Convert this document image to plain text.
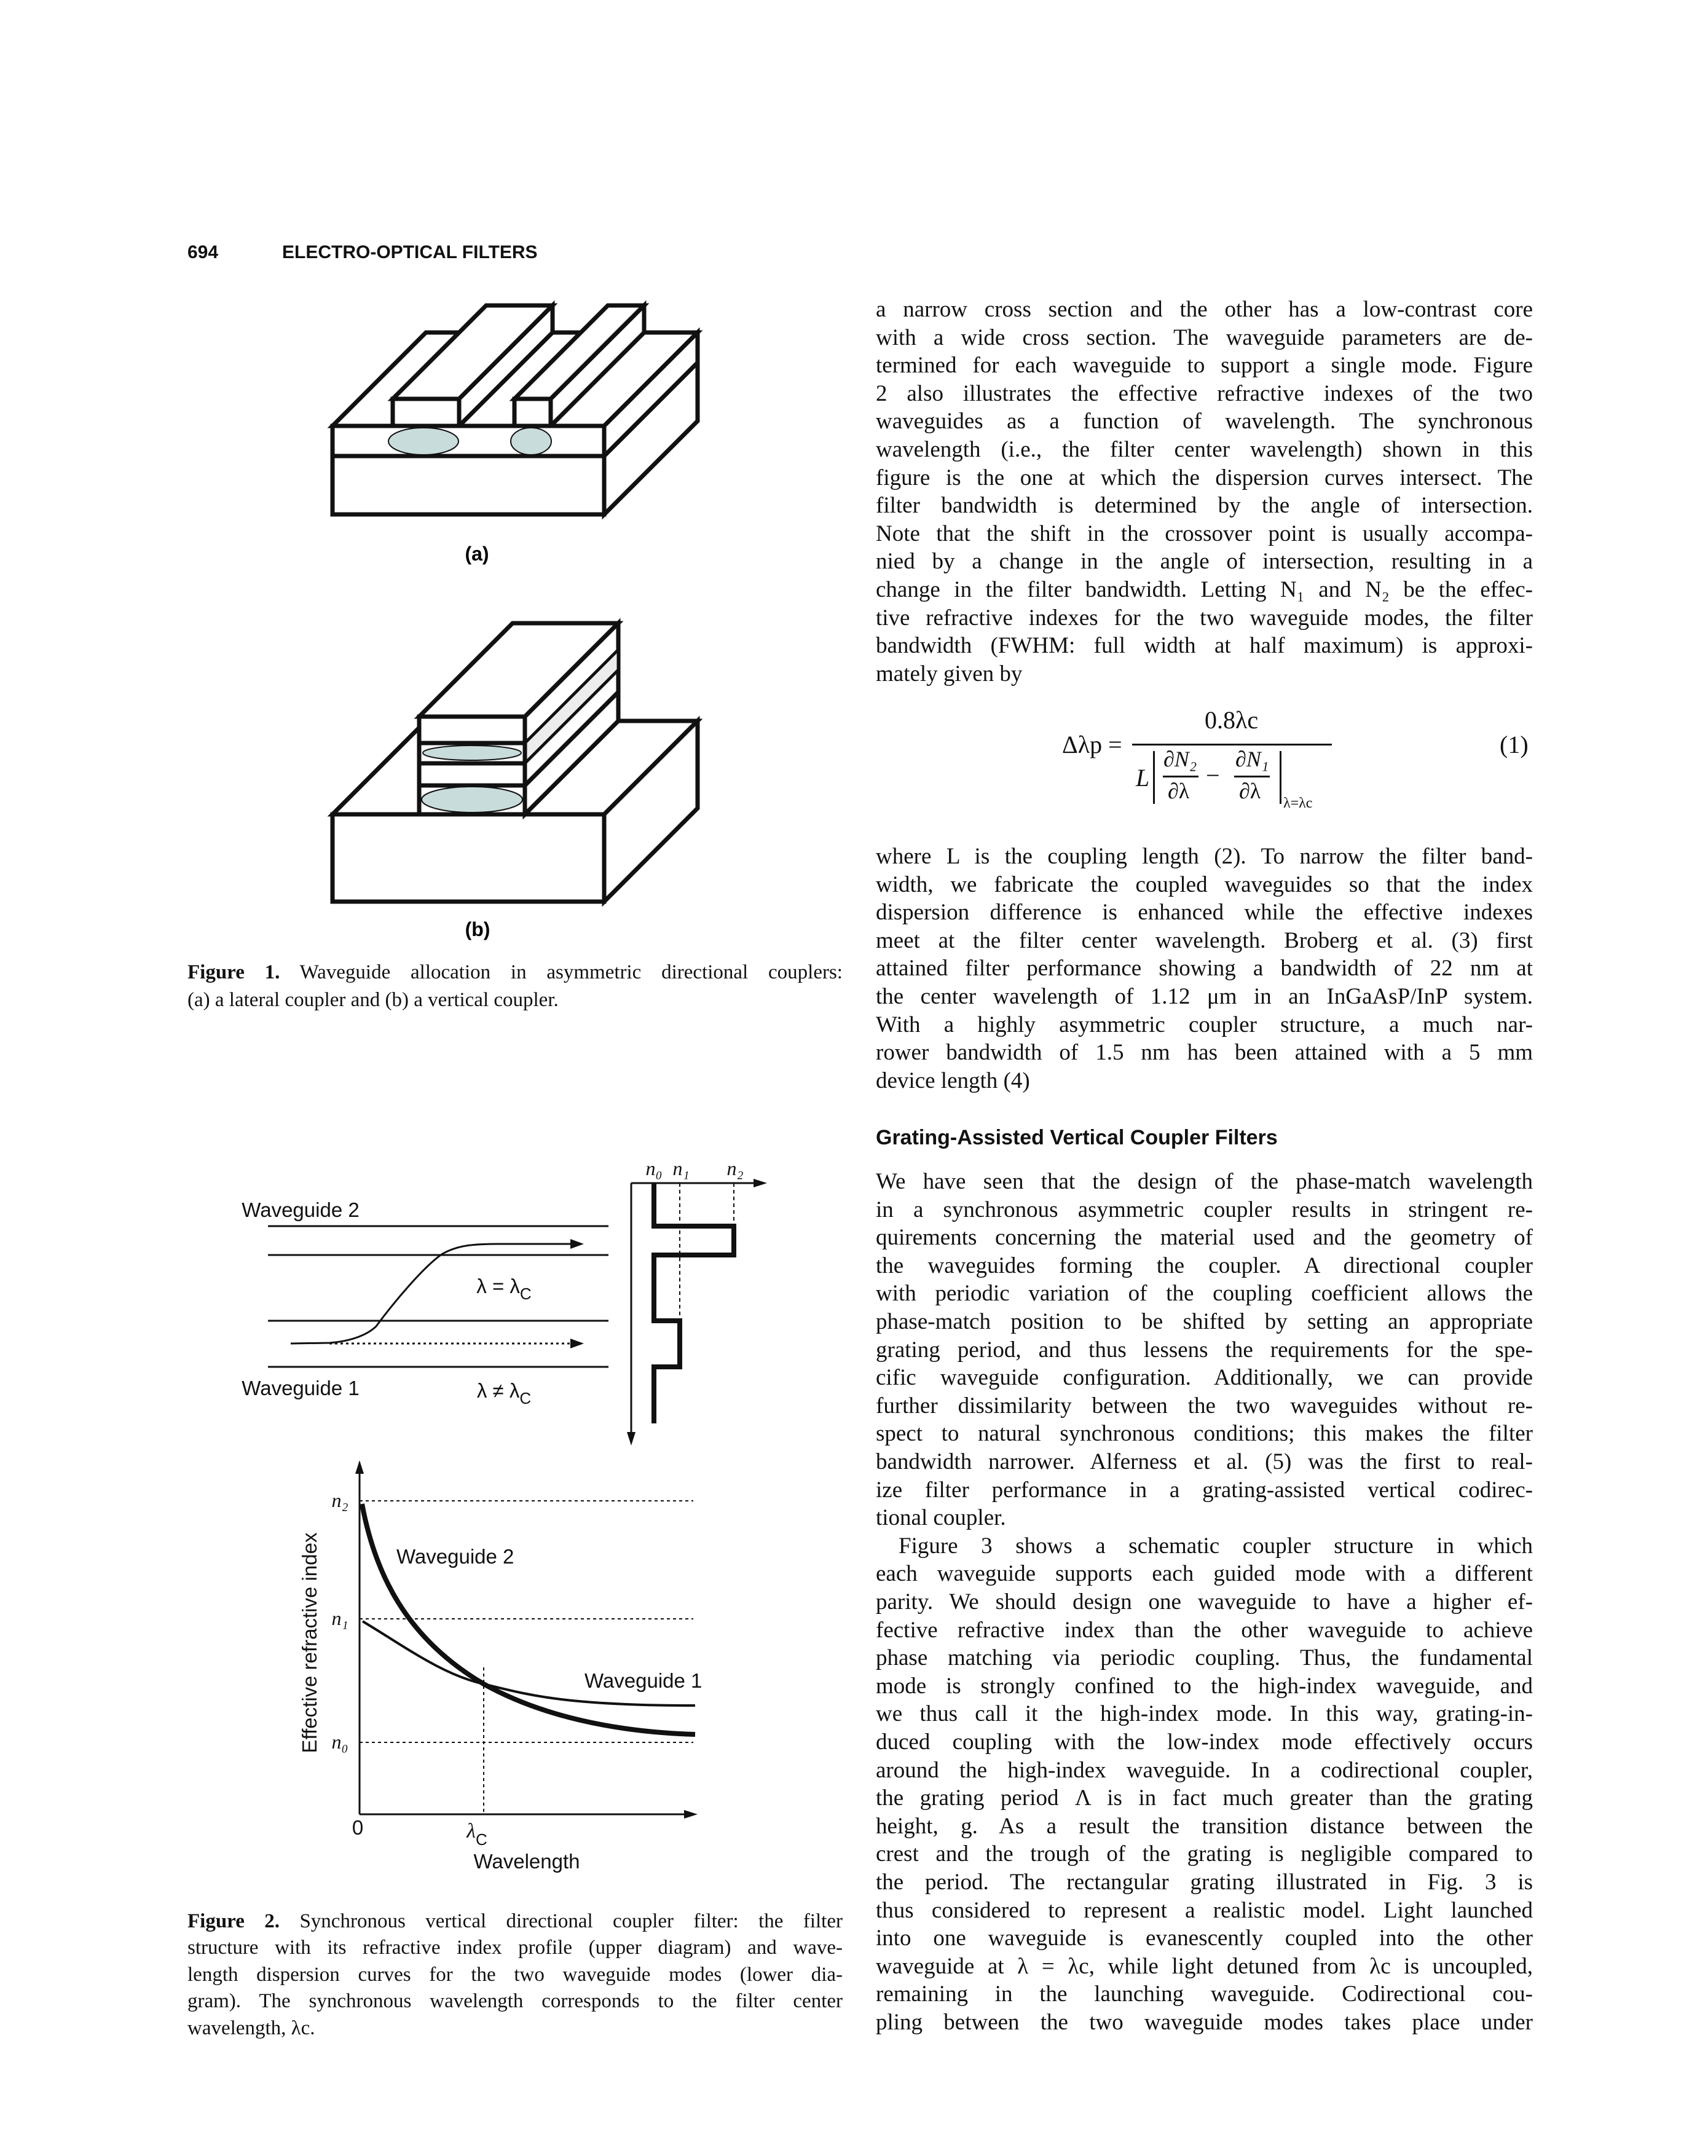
694	ELECTRO-OPTICAL FILTERS
(a)
(b)
Waveguide 2
Waveguide 1
$\lambda = \lambda_C$
$\lambda \ne \lambda_C$
n₀ n₁ n₂
Effective refractive index
Wavelength
0	$\lambda_C$
n₂
n₁
n₀
Waveguide 2
Waveguide 1
Figure 1. Waveguide allocation in asymmetric directional couplers:
(a) a lateral coupler and (b) a vertical coupler.
Figure 2. Synchronous vertical directional coupler filter: the filter
structure with its refractive index profile (upper diagram) and wave-
length dispersion curves for the two waveguide modes (lower dia-
gram). The synchronous wavelength corresponds to the filter center
wavelength, λc.
Δλp =
0.8λc
L
∂N₂
∂λ
−
∂N₁
∂λ λ=λc
(1)
Grating-Assisted Vertical Coupler Filters
a narrow cross section and the other has a low-contrast core
with a wide cross section. The waveguide parameters are de-
termined for each waveguide to support a single mode. Figure
2 also illustrates the effective refractive indexes of the two
waveguides as a function of wavelength. The synchronous
wavelength (i.e., the filter center wavelength) shown in this
figure is the one at which the dispersion curves intersect. The
filter bandwidth is determined by the angle of intersection.
Note that the shift in the crossover point is usually accompa-
nied by a change in the angle of intersection, resulting in a
change in the filter bandwidth. Letting N₁ and N₂ be the effec-
tive refractive indexes for the two waveguide modes, the filter
bandwidth (FWHM: full width at half maximum) is approxi-
mately given by
where L is the coupling length (2). To narrow the filter band-
width, we fabricate the coupled waveguides so that the index
dispersion difference is enhanced while the effective indexes
meet at the filter center wavelength. Broberg et al. (3) first
attained filter performance showing a bandwidth of 22 nm at
the center wavelength of 1.12 μm in an InGaAsP/InP system.
With a highly asymmetric coupler structure, a much nar-
rower bandwidth of 1.5 nm has been attained with a 5 mm
device length (4)
We have seen that the design of the phase-match wavelength
in a synchronous asymmetric coupler results in stringent re-
quirements concerning the material used and the geometry of
the waveguides forming the coupler. A directional coupler
with periodic variation of the coupling coefficient allows the
phase-match position to be shifted by setting an appropriate
grating period, and thus lessens the requirements for the spe-
cific waveguide configuration. Additionally, we can provide
further dissimilarity between the two waveguides without re-
spect to natural synchronous conditions; this makes the filter
bandwidth narrower. Alferness et al. (5) was the first to real-
ize filter performance in a grating-assisted vertical codirec-
tional coupler.
Figure 3 shows a schematic coupler structure in which
each waveguide supports each guided mode with a different
parity. We should design one waveguide to have a higher ef-
fective refractive index than the other waveguide to achieve
phase matching via periodic coupling. Thus, the fundamental
mode is strongly confined to the high-index waveguide, and
we thus call it the high-index mode. In this way, grating-in-
duced coupling with the low-index mode effectively occurs
around the high-index waveguide. In a codirectional coupler,
the grating period Λ is in fact much greater than the grating
height, g. As a result the transition distance between the
crest and the trough of the grating is negligible compared to
the period. The rectangular grating illustrated in Fig. 3 is
thus considered to represent a realistic model. Light launched
into one waveguide is evanescently coupled into the other
waveguide at λ = λc, while light detuned from λc is uncoupled,
remaining in the launching waveguide. Codirectional cou-
pling between the two waveguide modes takes place under
